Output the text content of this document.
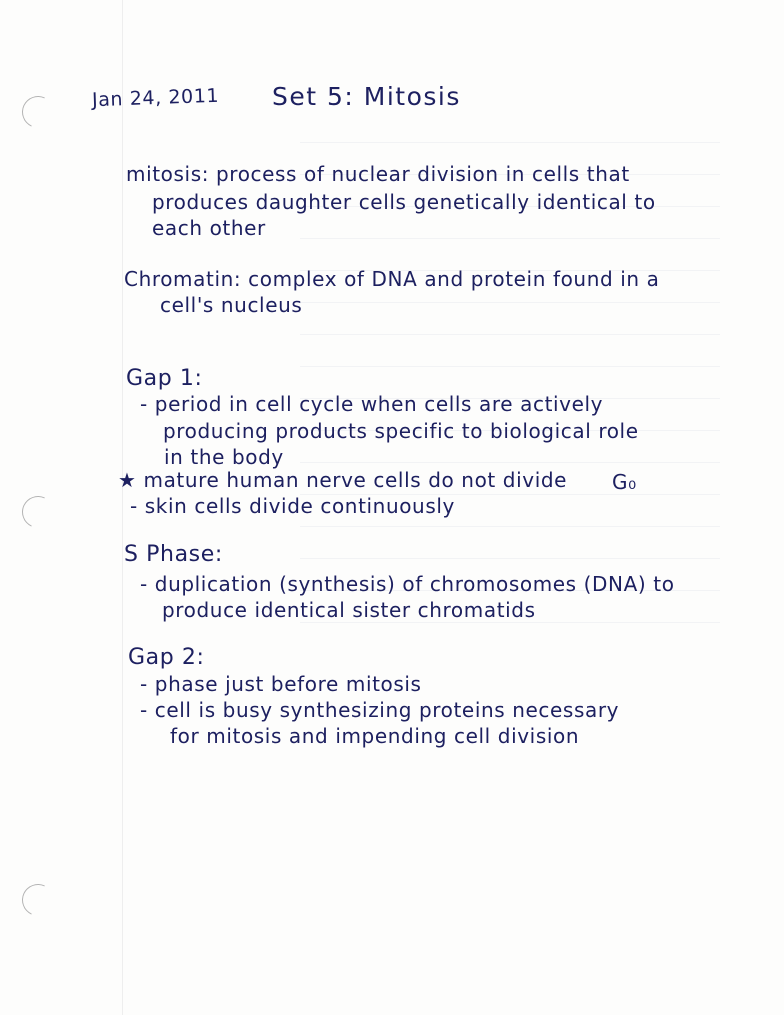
Jan 24, 2011 Set 5: Mitosis
mitosis: process of nuclear division in cells that
produces daughter cells genetically identical to
each other
Chromatin: complex of DNA and protein found in a
cell's nucleus
Gap 1:
- period in cell cycle when cells are actively
producing products specific to biological role
in the body
★ mature human nerve cells do not divide G₀
- skin cells divide continuously
S Phase:
- duplication (synthesis) of chromosomes (DNA) to
produce identical sister chromatids
Gap 2:
- phase just before mitosis
- cell is busy synthesizing proteins necessary
for mitosis and impending cell division
